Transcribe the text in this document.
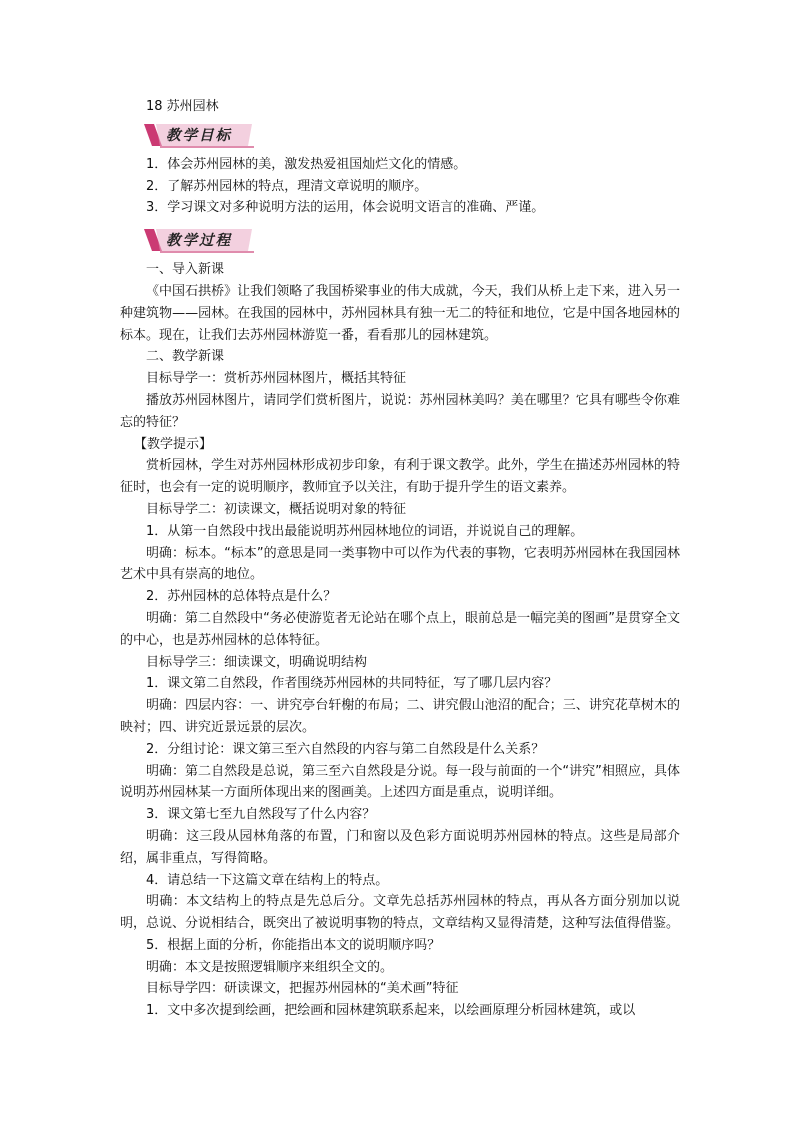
18 苏州园林

教学目标

1．体会苏州园林的美，激发热爱祖国灿烂文化的情感。

2．了解苏州园林的特点，理清文章说明的顺序。

3．学习课文对多种说明方法的运用，体会说明文语言的准确、严谨。

教学过程

一、导入新课

《中国石拱桥》让我们领略了我国桥梁事业的伟大成就，今天，我们从桥上走下来，进入另一种建筑物——园林。在我国的园林中，苏州园林具有独一无二的特征和地位，它是中国各地园林的标本。现在，让我们去苏州园林游览一番，看看那儿的园林建筑。

二、教学新课

目标导学一：赏析苏州园林图片，概括其特征

播放苏州园林图片，请同学们赏析图片，说说：苏州园林美吗？美在哪里？它具有哪些令你难忘的特征？

【教学提示】

赏析园林，学生对苏州园林形成初步印象，有利于课文教学。此外，学生在描述苏州园林的特征时，也会有一定的说明顺序，教师宜予以关注，有助于提升学生的语文素养。

目标导学二：初读课文，概括说明对象的特征

1．从第一自然段中找出最能说明苏州园林地位的词语，并说说自己的理解。

明确：标本。“标本”的意思是同一类事物中可以作为代表的事物，它表明苏州园林在我国园林艺术中具有崇高的地位。

2．苏州园林的总体特点是什么？

明确：第二自然段中“务必使游览者无论站在哪个点上，眼前总是一幅完美的图画”是贯穿全文的中心，也是苏州园林的总体特征。

目标导学三：细读课文，明确说明结构

1．课文第二自然段，作者围绕苏州园林的共同特征，写了哪几层内容？

明确：四层内容：一、讲究亭台轩榭的布局；二、讲究假山池沼的配合；三、讲究花草树木的映衬；四、讲究近景远景的层次。

2．分组讨论：课文第三至六自然段的内容与第二自然段是什么关系？

明确：第二自然段是总说，第三至六自然段是分说。每一段与前面的一个“讲究”相照应，具体说明苏州园林某一方面所体现出来的图画美。上述四方面是重点，说明详细。

3．课文第七至九自然段写了什么内容？

明确：这三段从园林角落的布置，门和窗以及色彩方面说明苏州园林的特点。这些是局部介绍，属非重点，写得简略。

4．请总结一下这篇文章在结构上的特点。

明确：本文结构上的特点是先总后分。文章先总括苏州园林的特点，再从各方面分别加以说明，总说、分说相结合，既突出了被说明事物的特点，文章结构又显得清楚，这种写法值得借鉴。

5．根据上面的分析，你能指出本文的说明顺序吗？

明确：本文是按照逻辑顺序来组织全文的。

目标导学四：研读课文，把握苏州园林的“美术画”特征

1．文中多次提到绘画，把绘画和园林建筑联系起来，以绘画原理分析园林建筑，或以
